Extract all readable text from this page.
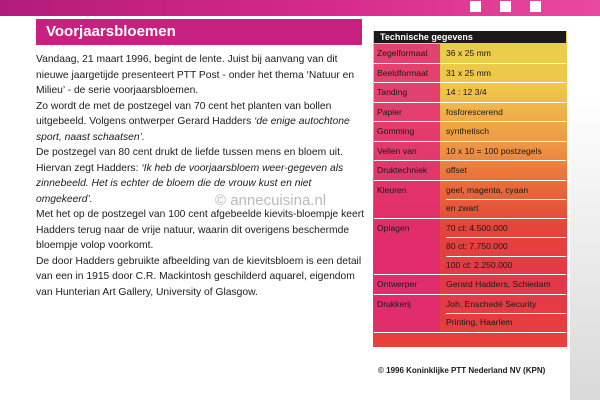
Voorjaarsbloemen

Vandaag, 21 maart 1996, begint de lente. Juist bij aanvang van dit nieuwe jaargetijde presenteert PTT Post - onder het thema ‘Natuur en Milieu’ - de serie voorjaarsbloemen.

Zo wordt de met de postzegel van 70 cent het planten van bollen uitgebeeld. Volgens ontwerper Gerard Hadders ‘de enige autochtone sport, naast schaatsen’.

De postzegel van 80 cent drukt de liefde tussen mens en bloem uit. Hiervan zegt Hadders: ‘Ik heb de voorjaarsbloem weer-gegeven als zinnebeeld. Het is echter de bloem die de vrouw kust en niet omgekeerd’.

Met het op de postzegel van 100 cent afgebeelde kievits-bloempje keert Hadders terug naar de vrije natuur, waarin dit overigens beschermde bloempje volop voorkomt.

De door Hadders gebruikte afbeelding van de kievitsbloem is een detail van een in 1915 door C.R. Mackintosh geschilderd aquarel, eigendom van Hunterian Art Gallery, University of Glasgow.

© annecuisina.nl
Technische gegevens
Zegelformaat	36 x 25 mm
Beeldformaat	31 x 25 mm
Tanding	14 : 12 3/4
Papier	fosforescerend
Gomming	synthetisch
Vellen van	10 x 10 = 100 postzegels
Druktechniek	offset
Kleuren	geel, magenta, cyaan
en zwart
Oplagen	70 ct: 4.500.000
80 ct: 7.750.000
100 ct: 2.250.000
Ontwerper	Gerard Hadders, Schiedam
Drukkerij	Joh. Enschedé Security
Printing, Haarlem
© 1996 Koninklijke PTT Nederland NV (KPN)
